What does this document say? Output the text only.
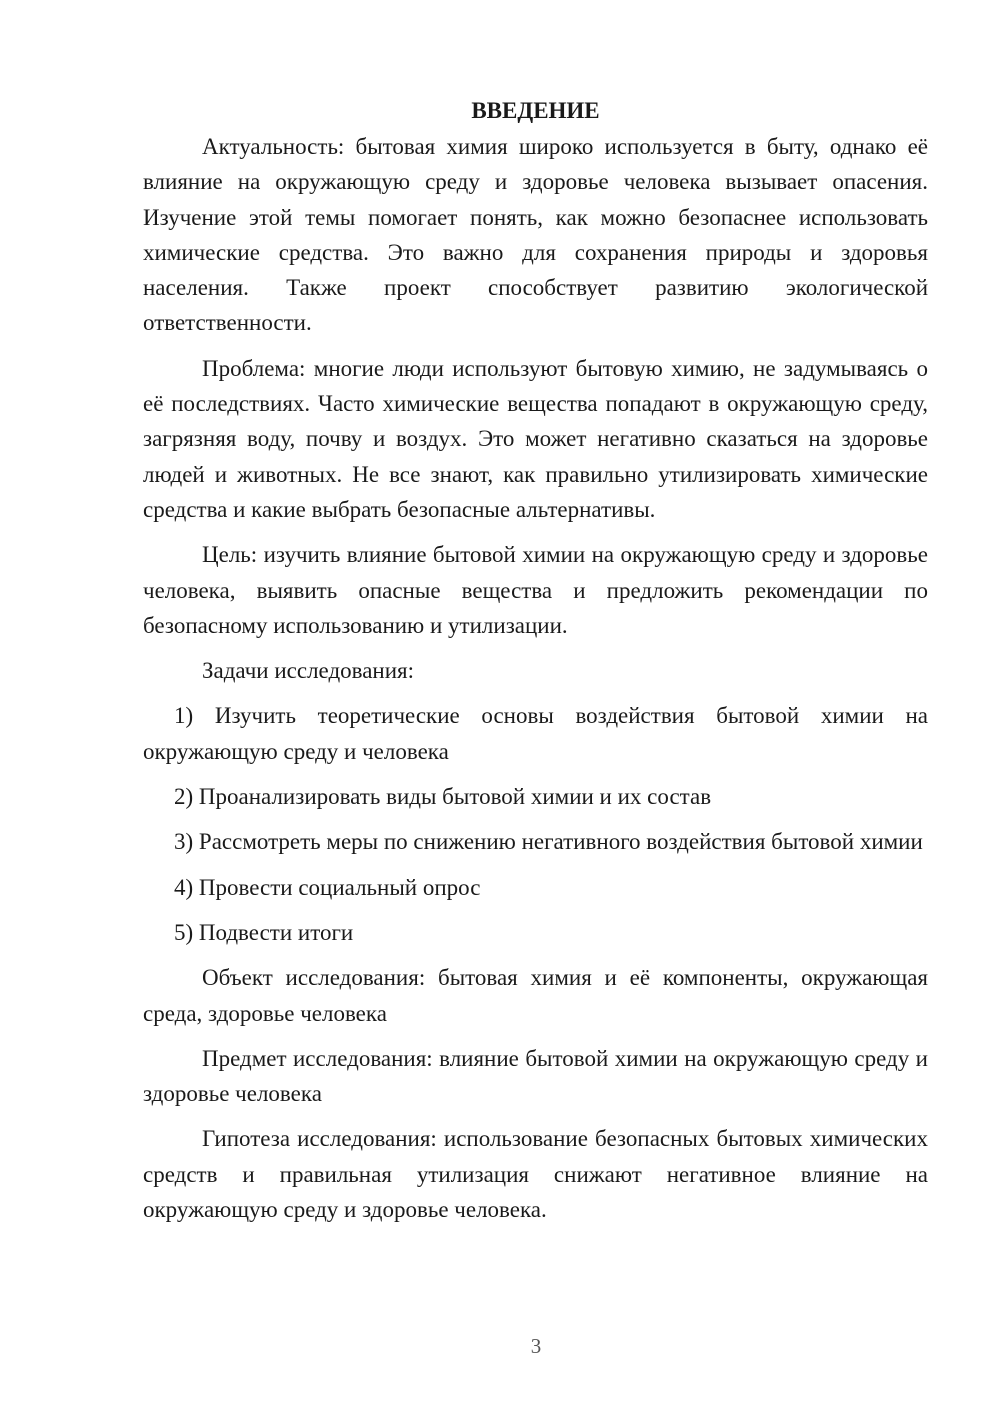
ВВЕДЕНИЕ

Актуальность: бытовая химия широко используется в быту, однако её влияние на окружающую среду и здоровье человека вызывает опасения. Изучение этой темы помогает понять, как можно безопаснее использовать химические средства. Это важно для сохранения природы и здоровья населения. Также проект способствует развитию экологической ответственности.

Проблема: многие люди используют бытовую химию, не задумываясь о её последствиях. Часто химические вещества попадают в окружающую среду, загрязняя воду, почву и воздух. Это может негативно сказаться на здоровье людей и животных. Не все знают, как правильно утилизировать химические средства и какие выбрать безопасные альтернативы.

Цель: изучить влияние бытовой химии на окружающую среду и здоровье человека, выявить опасные вещества и предложить рекомендации по безопасному использованию и утилизации.

Задачи исследования:

1) Изучить теоретические основы воздействия бытовой химии на окружающую среду и человека

2) Проанализировать виды бытовой химии и их состав

3) Рассмотреть меры по снижению негативного воздействия бытовой химии

4) Провести социальный опрос

5) Подвести итоги

Объект исследования: бытовая химия и её компоненты, окружающая среда, здоровье человека

Предмет исследования: влияние бытовой химии на окружающую среду и здоровье человека

Гипотеза исследования: использование безопасных бытовых химических средств и правильная утилизация снижают негативное влияние на окружающую среду и здоровье человека.

3
